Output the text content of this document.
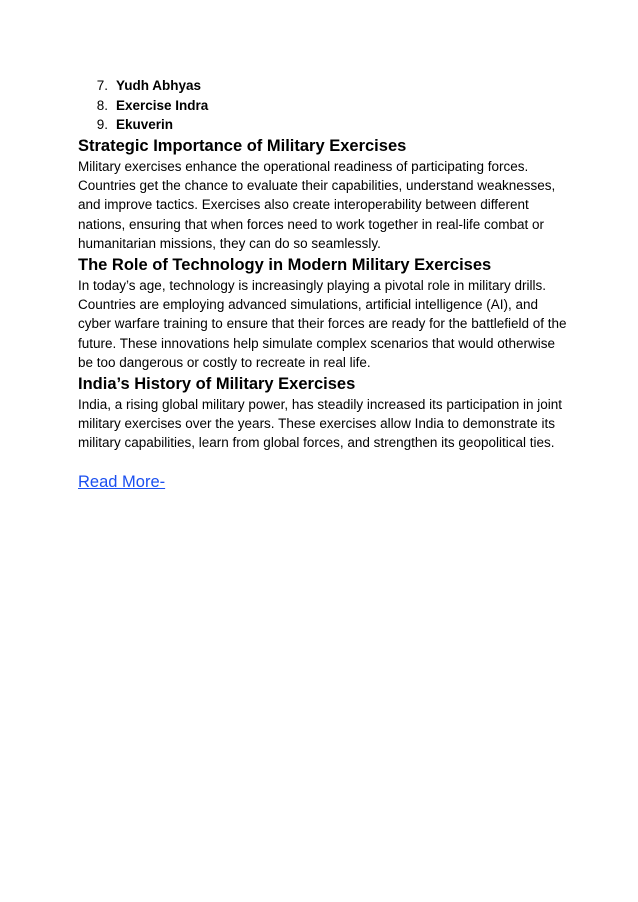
7. Yudh Abhyas
8. Exercise Indra
9. Ekuverin
Strategic Importance of Military Exercises

Military exercises enhance the operational readiness of participating forces. Countries get the chance to evaluate their capabilities, understand weaknesses, and improve tactics. Exercises also create interoperability between different nations, ensuring that when forces need to work together in real-life combat or humanitarian missions, they can do so seamlessly.

The Role of Technology in Modern Military Exercises

In today’s age, technology is increasingly playing a pivotal role in military drills. Countries are employing advanced simulations, artificial intelligence (AI), and cyber warfare training to ensure that their forces are ready for the battlefield of the future. These innovations help simulate complex scenarios that would otherwise be too dangerous or costly to recreate in real life.

India’s History of Military Exercises

India, a rising global military power, has steadily increased its participation in joint military exercises over the years. These exercises allow India to demonstrate its military capabilities, learn from global forces, and strengthen its geopolitical ties.

Read More-
